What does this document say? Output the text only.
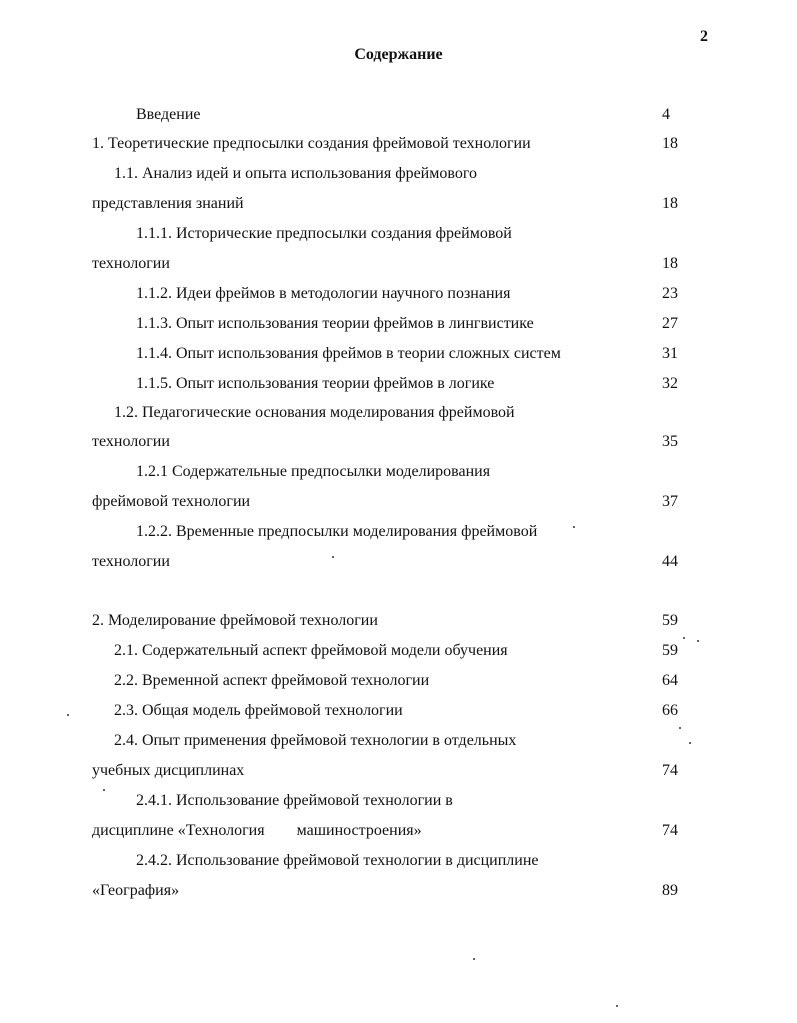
2
Содержание
Введение	4
1. Теоретические предпосылки создания фреймовой технологии	18
1.1. Анализ идей и опыта использования фреймового
представления знаний	18
1.1.1. Исторические предпосылки создания фреймовой
технологии	18
1.1.2. Идеи фреймов в методологии научного познания	23
1.1.3. Опыт использования теории фреймов в лингвистике	27
1.1.4. Опыт использования фреймов в теории сложных систем	31
1.1.5. Опыт использования теории фреймов в логике	32
1.2. Педагогические основания моделирования фреймовой
технологии	35
1.2.1 Содержательные предпосылки моделирования
фреймовой технологии	37
1.2.2. Временные предпосылки моделирования фреймовой
технологии	44
2. Моделирование фреймовой технологии	59
2.1. Содержательный аспект фреймовой модели обучения	59
2.2. Временной аспект фреймовой технологии	64
2.3. Общая модель фреймовой технологии	66
2.4. Опыт применения фреймовой технологии в отдельных
учебных дисциплинах	74
2.4.1. Использование фреймовой технологии в
дисциплине «Технология        машиностроения»	74
2.4.2. Использование фреймовой технологии в дисциплине
«География»	89
